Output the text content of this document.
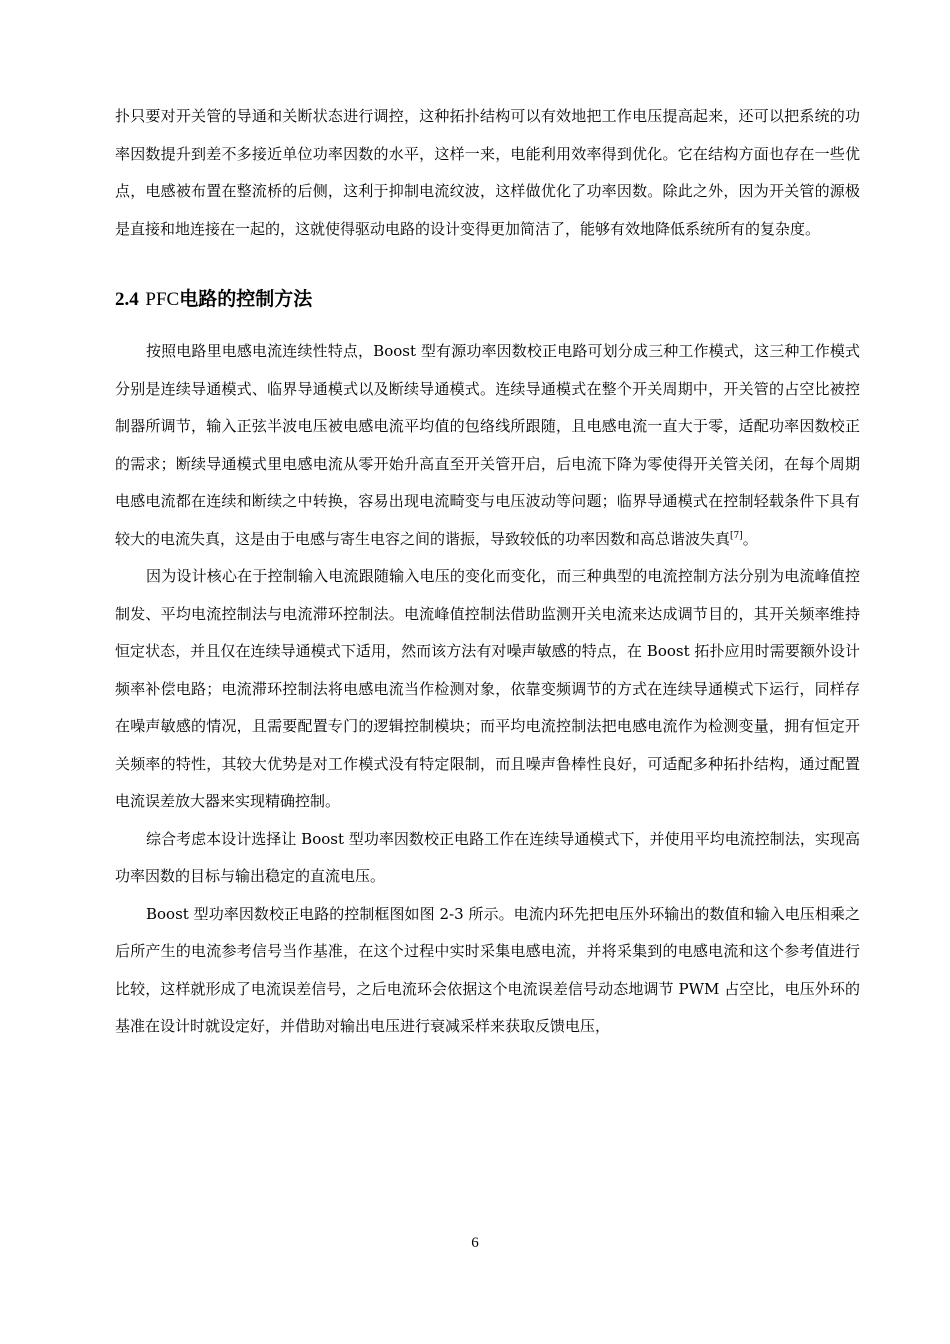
扑只要对开关管的导通和关断状态进行调控，这种拓扑结构可以有效地把工作电压提高起来，还可以把系统的功率因数提升到差不多接近单位功率因数的水平，这样一来，电能利用效率得到优化。它在结构方面也存在一些优点，电感被布置在整流桥的后侧，这利于抑制电流纹波，这样做优化了功率因数。除此之外，因为开关管的源极是直接和地连接在一起的，这就使得驱动电路的设计变得更加简洁了，能够有效地降低系统所有的复杂度。

2.4 PFC电路的控制方法

按照电路里电感电流连续性特点，Boost 型有源功率因数校正电路可划分成三种工作模式，这三种工作模式分别是连续导通模式、临界导通模式以及断续导通模式。连续导通模式在整个开关周期中，开关管的占空比被控制器所调节，输入正弦半波电压被电感电流平均值的包络线所跟随，且电感电流一直大于零，适配功率因数校正的需求；断续导通模式里电感电流从零开始升高直至开关管开启，后电流下降为零使得开关管关闭，在每个周期电感电流都在连续和断续之中转换，容易出现电流畸变与电压波动等问题；临界导通模式在控制轻载条件下具有较大的电流失真，这是由于电感与寄生电容之间的谐振，导致较低的功率因数和高总谐波失真[7]。

因为设计核心在于控制输入电流跟随输入电压的变化而变化，而三种典型的电流控制方法分别为电流峰值控制发、平均电流控制法与电流滞环控制法。电流峰值控制法借助监测开关电流来达成调节目的，其开关频率维持恒定状态，并且仅在连续导通模式下适用，然而该方法有对噪声敏感的特点，在 Boost 拓扑应用时需要额外设计频率补偿电路；电流滞环控制法将电感电流当作检测对象，依靠变频调节的方式在连续导通模式下运行，同样存在噪声敏感的情况，且需要配置专门的逻辑控制模块；而平均电流控制法把电感电流作为检测变量，拥有恒定开关频率的特性，其较大优势是对工作模式没有特定限制，而且噪声鲁棒性良好，可适配多种拓扑结构，通过配置电流误差放大器来实现精确控制。

综合考虑本设计选择让 Boost 型功率因数校正电路工作在连续导通模式下，并使用平均电流控制法，实现高功率因数的目标与输出稳定的直流电压。

Boost 型功率因数校正电路的控制框图如图 2-3 所示。电流内环先把电压外环输出的数值和输入电压相乘之后所产生的电流参考信号当作基准，在这个过程中实时采集电感电流，并将采集到的电感电流和这个参考值进行比较，这样就形成了电流误差信号，之后电流环会依据这个电流误差信号动态地调节 PWM 占空比，电压外环的基准在设计时就设定好，并借助对输出电压进行衰减采样来获取反馈电压，

6
